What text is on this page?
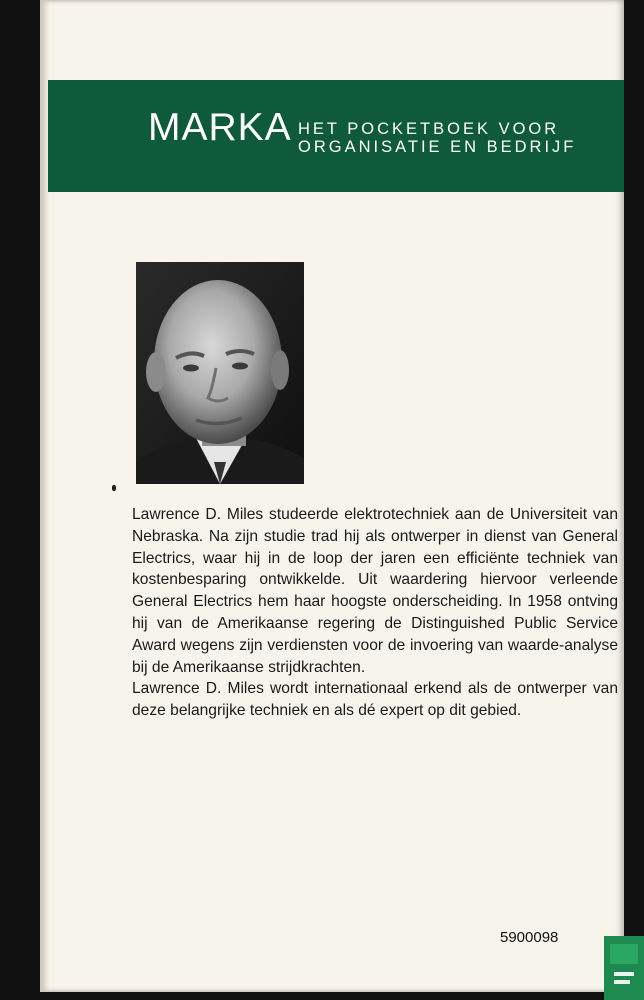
MARKA HET POCKETBOEK VOOR
ORGANISATIE EN BEDRIJF

Lawrence D. Miles studeerde elektrotechniek aan de Universiteit van Nebraska. Na zijn studie trad hij als ontwerper in dienst van General Electrics, waar hij in de loop der jaren een efficiënte techniek van kostenbesparing ontwikkelde. Uit waardering hiervoor verleende General Electrics hem haar hoogste onderscheiding. In 1958 ontving hij van de Amerikaanse regering de Distinguished Public Service Award wegens zijn verdiensten voor de invoering van waarde-analyse bij de Amerikaanse strijdkrachten.

Lawrence D. Miles wordt internationaal erkend als de ontwerper van deze belangrijke techniek en als dé expert op dit gebied.

5900098
